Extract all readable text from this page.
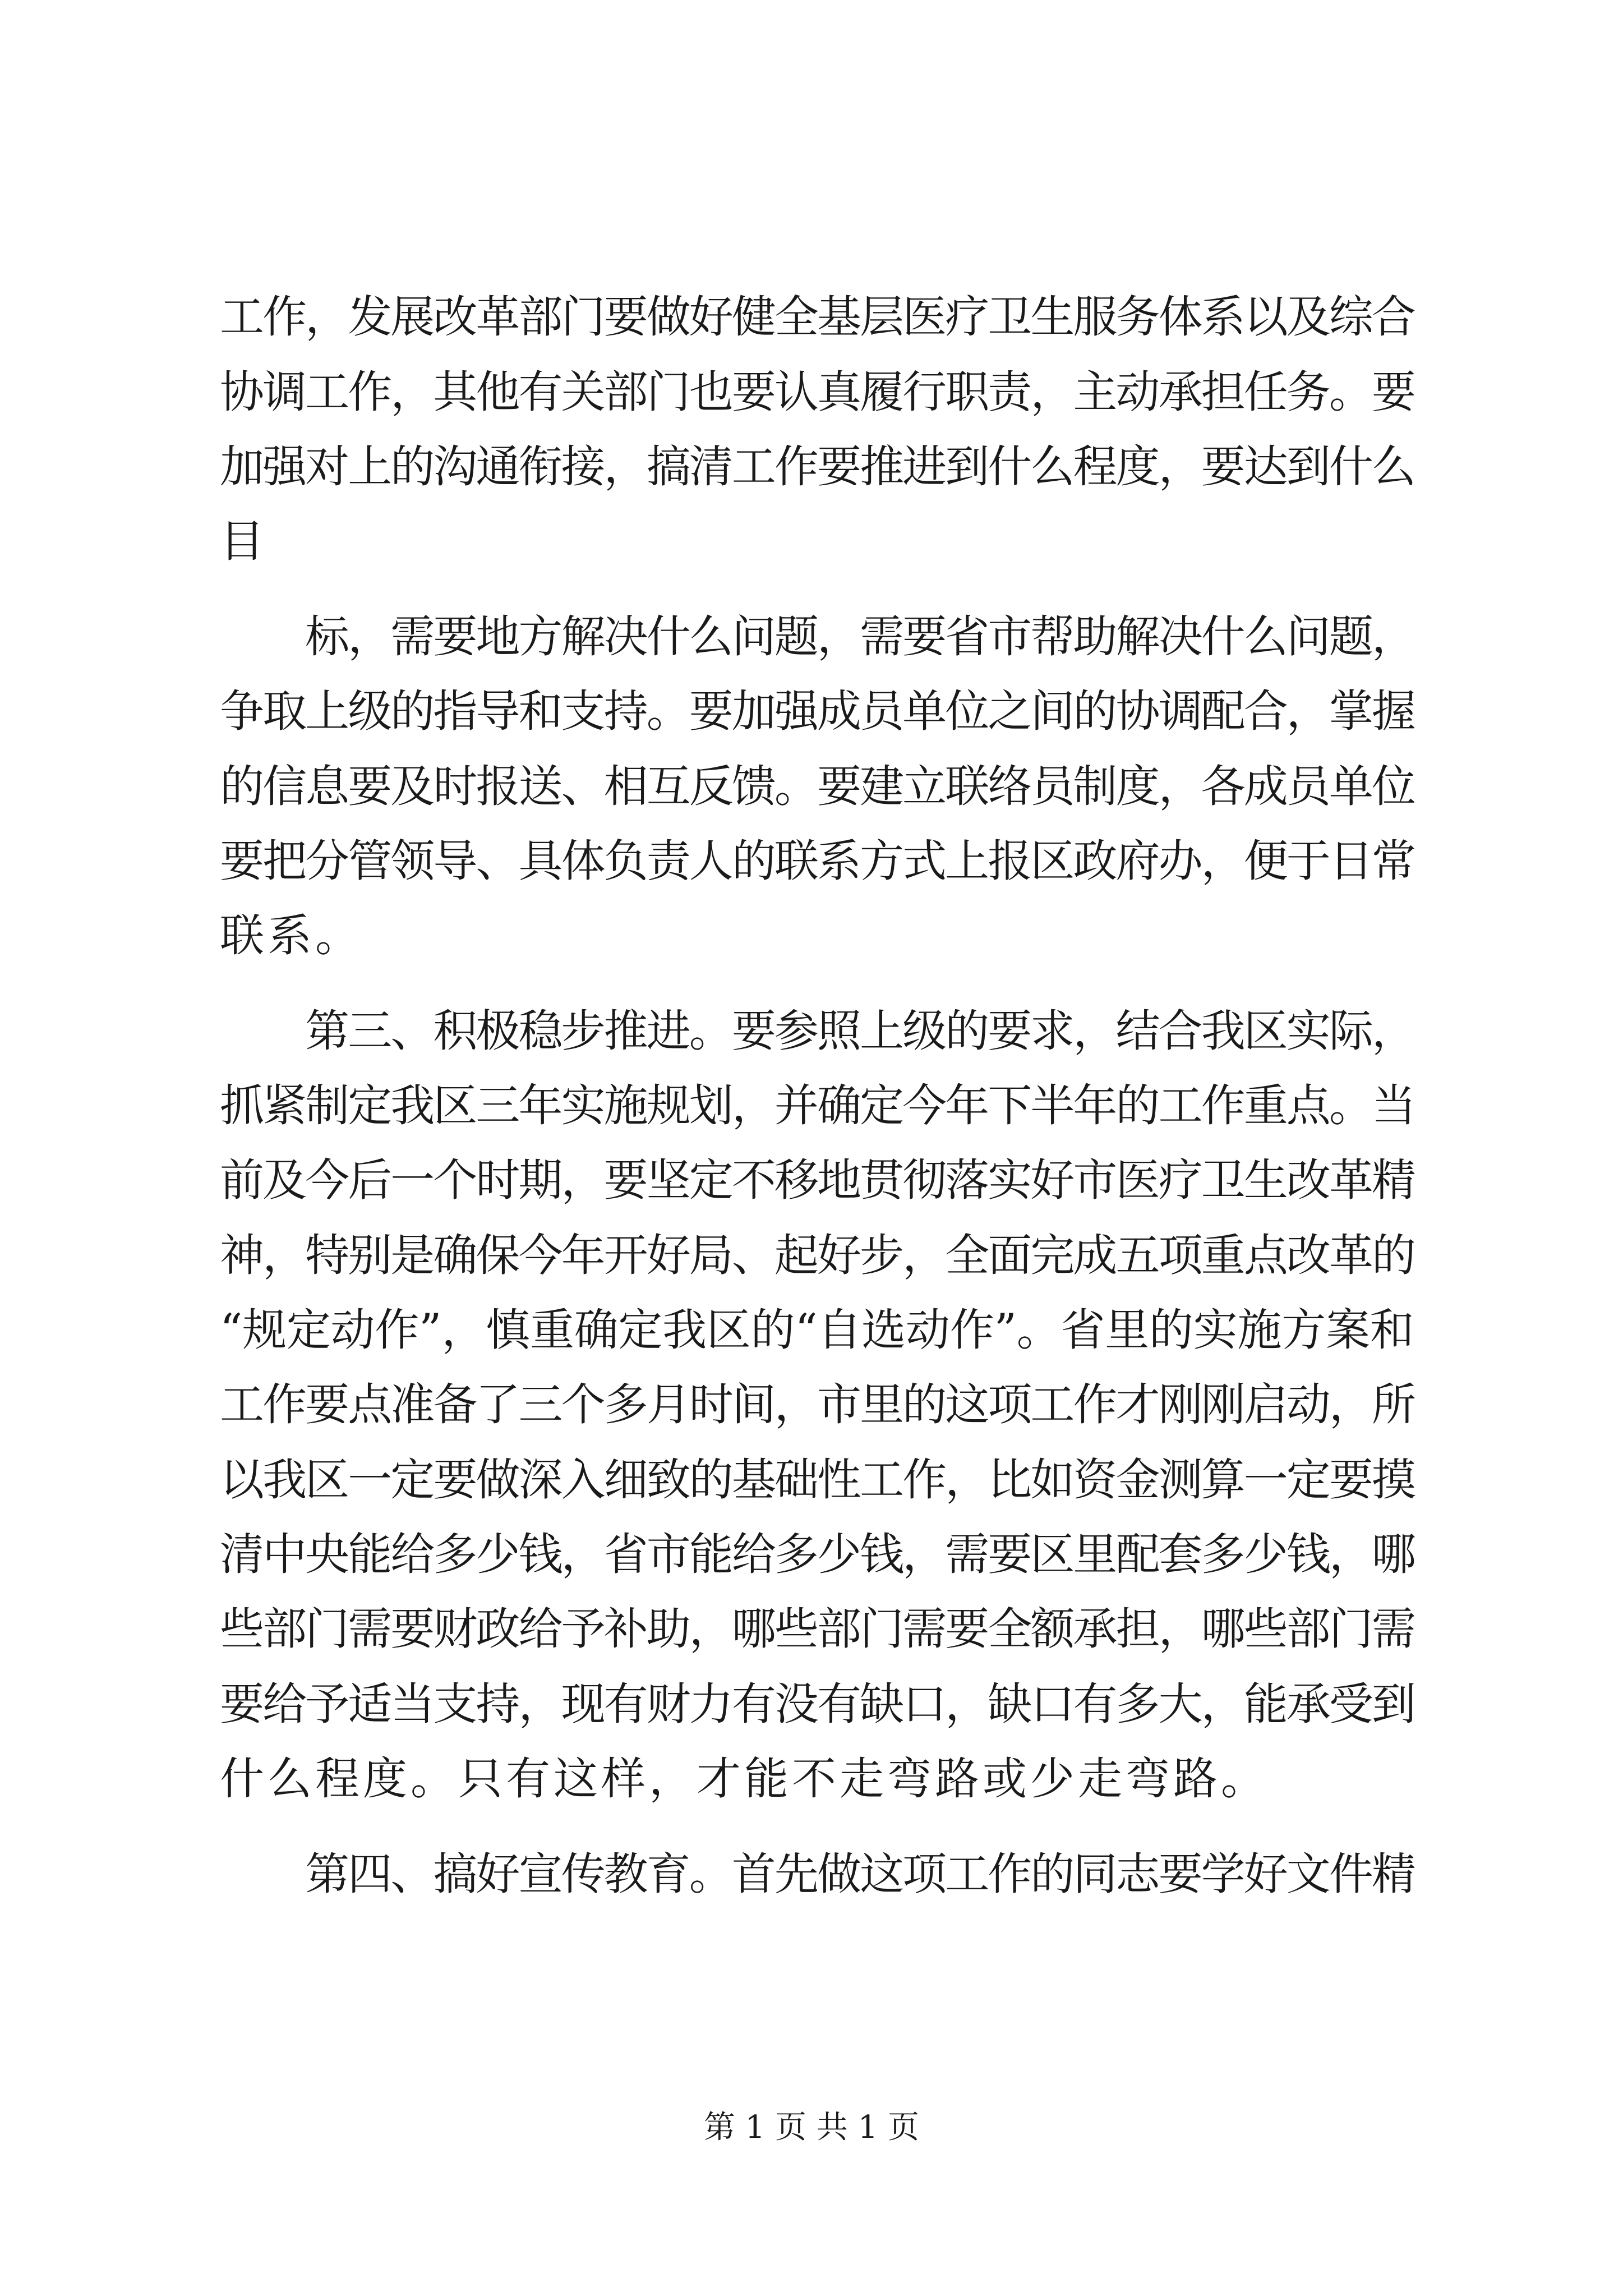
工作，发展改革部门要做好健全基层医疗卫生服务体系以及综合
协调工作，其他有关部门也要认真履行职责，主动承担任务。要
加强对上的沟通衔接，搞清工作要推进到什么程度，要达到什么
目
　　标，需要地方解决什么问题，需要省市帮助解决什么问题，
争取上级的指导和支持。要加强成员单位之间的协调配合，掌握
的信息要及时报送、相互反馈。要建立联络员制度，各成员单位
要把分管领导、具体负责人的联系方式上报区政府办，便于日常
联系。
　　第三、积极稳步推进。要参照上级的要求，结合我区实际，
抓紧制定我区三年实施规划，并确定今年下半年的工作重点。当
前及今后一个时期，要坚定不移地贯彻落实好市医疗卫生改革精
神，特别是确保今年开好局、起好步，全面完成五项重点改革的
“规定动作”，慎重确定我区的“自选动作”。省里的实施方案和
工作要点准备了三个多月时间，市里的这项工作才刚刚启动，所
以我区一定要做深入细致的基础性工作，比如资金测算一定要摸
清中央能给多少钱，省市能给多少钱，需要区里配套多少钱，哪
些部门需要财政给予补助，哪些部门需要全额承担，哪些部门需
要给予适当支持，现有财力有没有缺口，缺口有多大，能承受到
什么程度。只有这样，才能不走弯路或少走弯路。
　　第四、搞好宣传教育。首先做这项工作的同志要学好文件精
第 1 页 共 1 页
